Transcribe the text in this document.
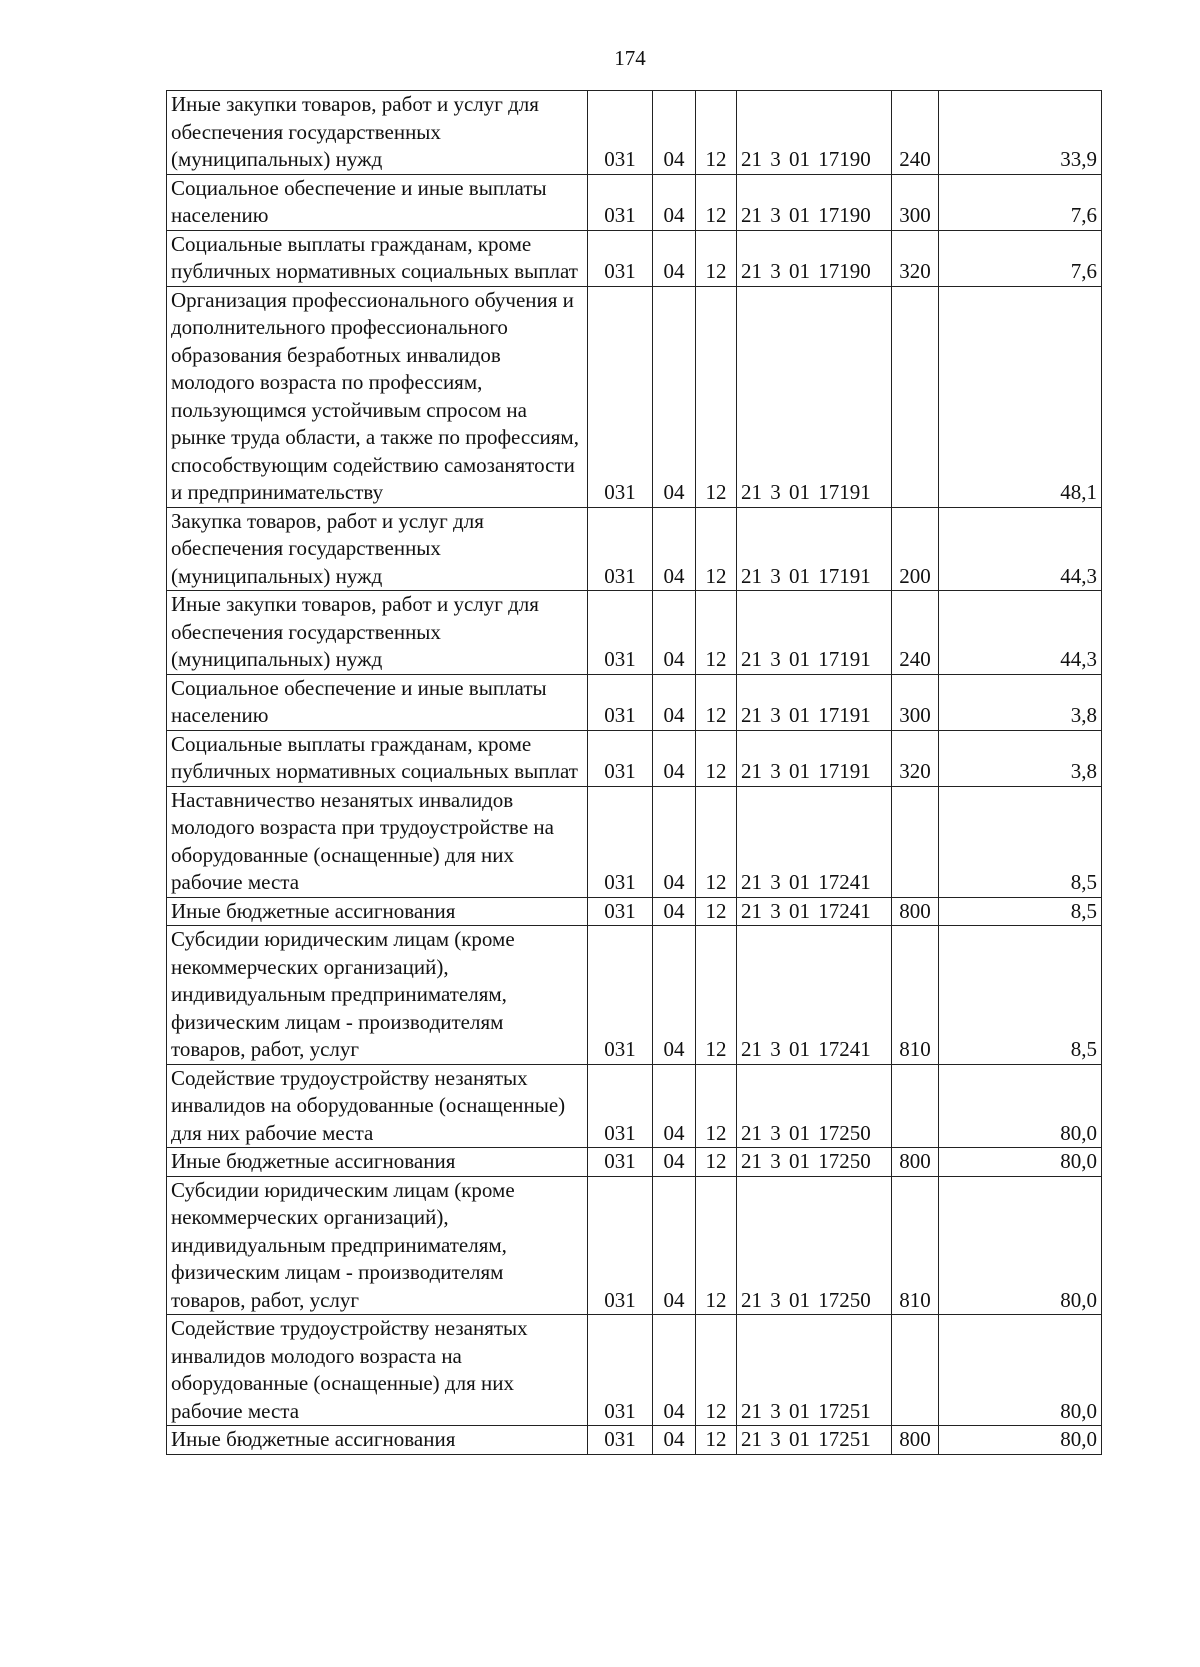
174
Иные закупки товаров, работ и услуг для обеспечения государственных (муниципальных) нужд	031	04	12	21 3 01 17190	240	33,9
Социальное обеспечение и иные выплаты населению	031	04	12	21 3 01 17190	300	7,6
Социальные выплаты гражданам, кроме публичных нормативных социальных выплат	031	04	12	21 3 01 17190	320	7,6
Организация профессионального обучения и дополнительного профессионального образования безработных инвалидов молодого возраста по профессиям, пользующимся устойчивым спросом на рынке труда области, а также по профессиям, способствующим содействию самозанятости и предпринимательству	031	04	12	21 3 01 17191		48,1
Закупка товаров, работ и услуг для обеспечения государственных (муниципальных) нужд	031	04	12	21 3 01 17191	200	44,3
Иные закупки товаров, работ и услуг для обеспечения государственных (муниципальных) нужд	031	04	12	21 3 01 17191	240	44,3
Социальное обеспечение и иные выплаты населению	031	04	12	21 3 01 17191	300	3,8
Социальные выплаты гражданам, кроме публичных нормативных социальных выплат	031	04	12	21 3 01 17191	320	3,8
Наставничество незанятых инвалидов молодого возраста при трудоустройстве на оборудованные (оснащенные) для них рабочие места	031	04	12	21 3 01 17241		8,5
Иные бюджетные ассигнования	031	04	12	21 3 01 17241	800	8,5
Субсидии юридическим лицам (кроме некоммерческих организаций), индивидуальным предпринимателям, физическим лицам - производителям товаров, работ, услуг	031	04	12	21 3 01 17241	810	8,5
Содействие трудоустройству незанятых инвалидов на оборудованные (оснащенные) для них рабочие места	031	04	12	21 3 01 17250		80,0
Иные бюджетные ассигнования	031	04	12	21 3 01 17250	800	80,0
Субсидии юридическим лицам (кроме некоммерческих организаций), индивидуальным предпринимателям, физическим лицам - производителям товаров, работ, услуг	031	04	12	21 3 01 17250	810	80,0
Содействие трудоустройству незанятых инвалидов молодого возраста на оборудованные (оснащенные) для них рабочие места	031	04	12	21 3 01 17251		80,0
Иные бюджетные ассигнования	031	04	12	21 3 01 17251	800	80,0
